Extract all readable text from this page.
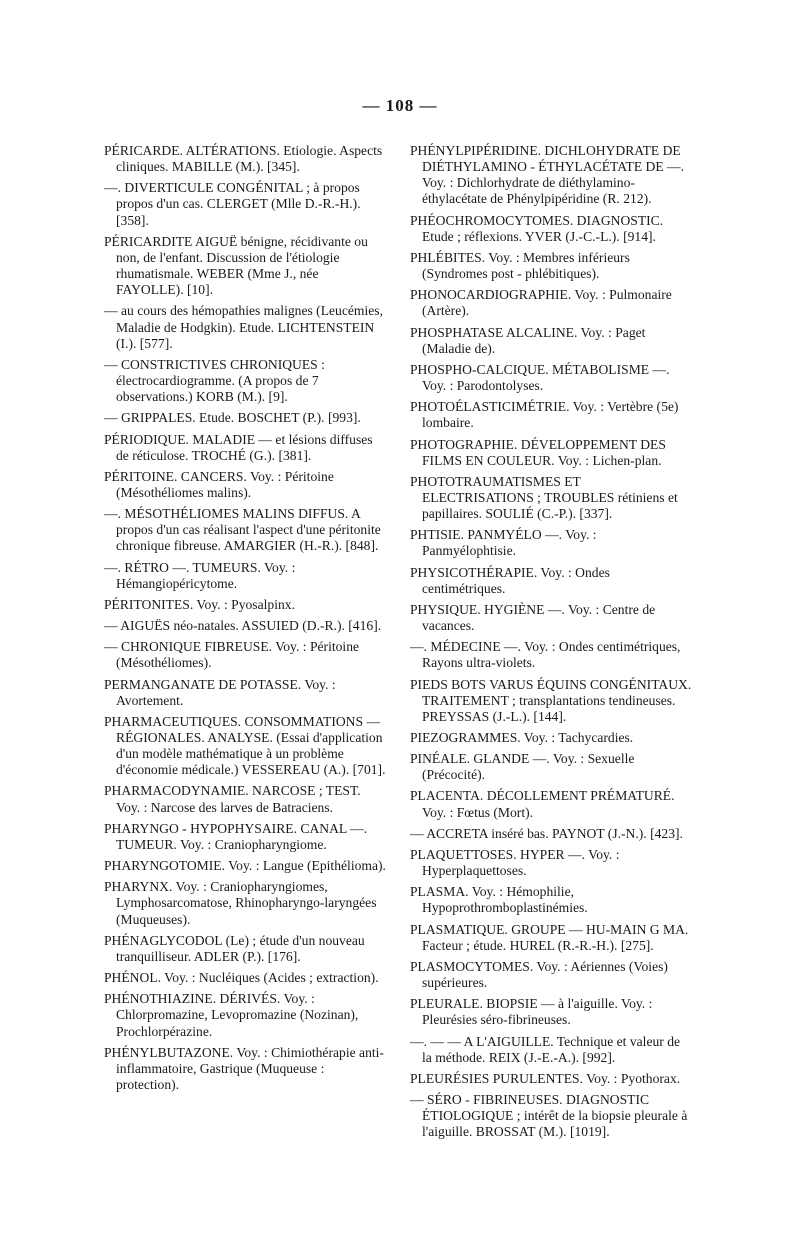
— 108 —
PÉRICARDE. ALTÉRATIONS. Etiologie. Aspects cliniques. MABILLE (M.). [345].
—. DIVERTICULE CONGÉNITAL ; à propos propos d'un cas. CLERGET (Mlle D.-R.-H.). [358].
PÉRICARDITE AIGUË bénigne, récidivante ou non, de l'enfant. Discussion de l'étiologie rhumatismale. WEBER (Mme J., née FAYOLLE). [10].
— au cours des hémopathies malignes (Leucémies, Maladie de Hodgkin). Etude. LICHTENSTEIN (I.). [577].
— CONSTRICTIVES CHRONIQUES : électrocardiogramme. (A propos de 7 observations.) KORB (M.). [9].
— GRIPPALES. Etude. BOSCHET (P.). [993].
PÉRIODIQUE. MALADIE — et lésions diffuses de réticulose. TROCHÉ (G.). [381].
PÉRITOINE. CANCERS. Voy. : Péritoine (Mésothéliomes malins).
—. MÉSOTHÉLIOMES MALINS DIFFUS. A propos d'un cas réalisant l'aspect d'une péritonite chronique fibreuse. AMARGIER (H.-R.). [848].
—. RÉTRO —. TUMEURS. Voy. : Hémangiopéricytome.
PÉRITONITES. Voy. : Pyosalpinx.
— AIGUËS néo-natales. ASSUIED (D.-R.). [416].
— CHRONIQUE FIBREUSE. Voy. : Péritoine (Mésothéliomes).
PERMANGANATE DE POTASSE. Voy. : Avortement.
PHARMACEUTIQUES. CONSOMMATIONS — RÉGIONALES. ANALYSE. (Essai d'application d'un modèle mathématique à un problème d'économie médicale.) VESSEREAU (A.). [701].
PHARMACODYNAMIE. NARCOSE ; TEST. Voy. : Narcose des larves de Batraciens.
PHARYNGO - HYPOPHYSAIRE. CANAL —. TUMEUR. Voy. : Craniopharyngiome.
PHARYNGOTOMIE. Voy. : Langue (Epithélioma).
PHARYNX. Voy. : Craniopharyngiomes, Lymphosarcomatose, Rhinopharyngo-laryngées (Muqueuses).
PHÉNAGLYCODOL (Le) ; étude d'un nouveau tranquilliseur. ADLER (P.). [176].
PHÉNOL. Voy. : Nucléiques (Acides ; extraction).
PHÉNOTHIAZINE. DÉRIVÉS. Voy. : Chlorpromazine, Levopromazine (Nozinan), Prochlorpérazine.
PHÉNYLBUTAZONE. Voy. : Chimiothérapie anti-inflammatoire, Gastrique (Muqueuse : protection).
PHÉNYLPIPÉRIDINE. DICHLOHYDRATE DE DIÉTHYLAMINO - ÉTHYLACÉTATE DE —. Voy. : Dichlorhydrate de diéthylamino-éthylacétate de Phénylpipéridine (R. 212).
PHÉOCHROMOCYTOMES. DIAGNOSTIC. Etude ; réflexions. YVER (J.-C.-L.). [914].
PHLÉBITES. Voy. : Membres inférieurs (Syndromes post - phlébitiques).
PHONOCARDIOGRAPHIE. Voy. : Pulmonaire (Artère).
PHOSPHATASE ALCALINE. Voy. : Paget (Maladie de).
PHOSPHO-CALCIQUE. MÉTABOLISME —. Voy. : Parodontolyses.
PHOTOÉLASTICIMÉTRIE. Voy. : Vertèbre (5e) lombaire.
PHOTOGRAPHIE. DÉVELOPPEMENT DES FILMS EN COULEUR. Voy. : Lichen-plan.
PHOTOTRAUMATISMES ET ELECTRISATIONS ; TROUBLES rétiniens et papillaires. SOULIÉ (C.-P.). [337].
PHTISIE. PANMYÉLO —. Voy. : Panmyélophtisie.
PHYSICOTHÉRAPIE. Voy. : Ondes centimétriques.
PHYSIQUE. HYGIÈNE —. Voy. : Centre de vacances.
—. MÉDECINE —. Voy. : Ondes centimétriques, Rayons ultra-violets.
PIEDS BOTS VARUS ÉQUINS CONGÉNITAUX. TRAITEMENT ; transplantations tendineuses. PREYSSAS (J.-L.). [144].
PIEZOGRAMMES. Voy. : Tachycardies.
PINÉALE. GLANDE —. Voy. : Sexuelle (Précocité).
PLACENTA. DÉCOLLEMENT PRÉMATURÉ. Voy. : Fœtus (Mort).
— ACCRETA inséré bas. PAYNOT (J.-N.). [423].
PLAQUETTOSES. HYPER —. Voy. : Hyperplaquettoses.
PLASMA. Voy. : Hémophilie, Hypoprothromboplastinémies.
PLASMATIQUE. GROUPE — HU-MAIN G MA. Facteur ; étude. HUREL (R.-R.-H.). [275].
PLASMOCYTOMES. Voy. : Aériennes (Voies) supérieures.
PLEURALE. BIOPSIE — à l'aiguille. Voy. : Pleurésies séro-fibrineuses.
—. — — A L'AIGUILLE. Technique et valeur de la méthode. REIX (J.-E.-A.). [992].
PLEURÉSIES PURULENTES. Voy. : Pyothorax.
— SÉRO - FIBRINEUSES. DIAGNOSTIC ÉTIOLOGIQUE ; intérêt de la biopsie pleurale à l'aiguille. BROSSAT (M.). [1019].
